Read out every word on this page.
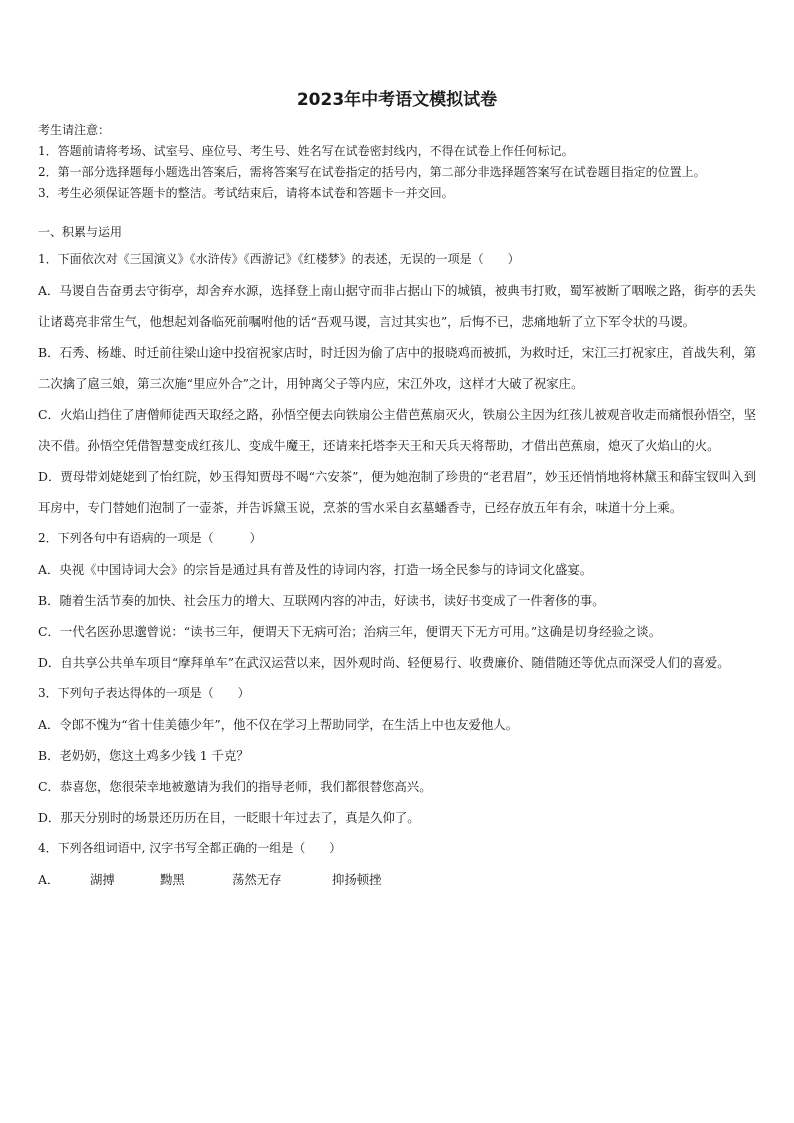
2023年中考语文模拟试卷

考生请注意：

1．答题前请将考场、试室号、座位号、考生号、姓名写在试卷密封线内，不得在试卷上作任何标记。

2．第一部分选择题每小题选出答案后，需将答案写在试卷指定的括号内，第二部分非选择题答案写在试卷题目指定的位置上。

3．考生必须保证答题卡的整洁。考试结束后，请将本试卷和答题卡一并交回。

一、积累与运用

1．下面依次对《三国演义》《水浒传》《西游记》《红楼梦》的表述，无误的一项是（　　）

A．马谡自告奋勇去守街亭，却舍弃水源，选择登上南山据守而非占据山下的城镇，被典韦打败，蜀军被断了咽喉之路，街亭的丢失让诸葛亮非常生气，他想起刘备临死前嘱咐他的话“吾观马谡，言过其实也”，后悔不已，悲痛地斩了立下军令状的马谡。

B．石秀、杨雄、时迁前往梁山途中投宿祝家店时，时迁因为偷了店中的报晓鸡而被抓，为救时迁，宋江三打祝家庄，首战失利，第二次擒了扈三娘，第三次施“里应外合”之计，用钟离父子等内应，宋江外攻，这样才大破了祝家庄。

C．火焰山挡住了唐僧师徒西天取经之路，孙悟空便去向铁扇公主借芭蕉扇灭火，铁扇公主因为红孩儿被观音收走而痛恨孙悟空，坚决不借。孙悟空凭借智慧变成红孩儿、变成牛魔王，还请来托塔李天王和天兵天将帮助，才借出芭蕉扇，熄灭了火焰山的火。

D．贾母带刘姥姥到了怡红院，妙玉得知贾母不喝“六安茶”，便为她泡制了珍贵的“老君眉”，妙玉还悄悄地将林黛玉和薛宝钗叫入到耳房中，专门替她们泡制了一壶茶，并告诉黛玉说，烹茶的雪水采自玄墓蟠香寺，已经存放五年有余，味道十分上乘。

2．下列各句中有语病的一项是（　　　）

A．央视《中国诗词大会》的宗旨是通过具有普及性的诗词内容，打造一场全民参与的诗词文化盛宴。

B．随着生活节奏的加快、社会压力的增大、互联网内容的冲击，好读书，读好书变成了一件奢侈的事。

C．一代名医孙思邈曾说：“读书三年，便谓天下无病可治；治病三年，便谓天下无方可用。”这确是切身经验之谈。

D．自共享公共单车项目“摩拜单车”在武汉运营以来，因外观时尚、轻便易行、收费廉价、随借随还等优点而深受人们的喜爱。

3．下列句子表达得体的一项是（　　）

A．令郎不愧为“省十佳美德少年”，他不仅在学习上帮助同学，在生活上中也友爱他人。

B．老奶奶，您这土鸡多少钱 1 千克？

C．恭喜您，您很荣幸地被邀请为我们的指导老师，我们都很替您高兴。

D．那天分别时的场景还历历在目，一眨眼十年过去了，真是久仰了。

4．下列各组词语中, 汉字书写全都正确的一组是（　　）

A．	湖搏	黝黑	荡然无存	抑扬顿挫
